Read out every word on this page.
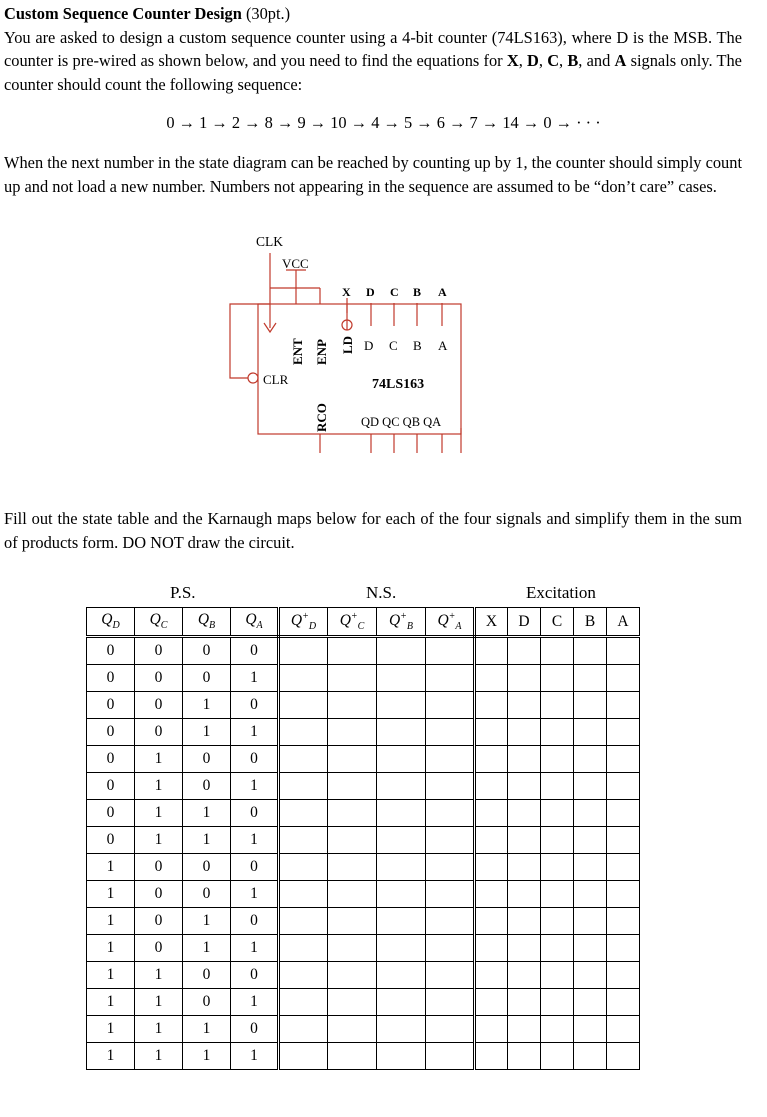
Custom Sequence Counter Design (30pt.)
You are asked to design a custom sequence counter using a 4-bit counter (74LS163), where D is the MSB. The counter is pre-wired as shown below, and you need to find the equations for X, D, C, B, and A signals only. The counter should count the following sequence:
0 → 1 → 2 → 8 → 9 → 10 → 4 → 5 → 6 → 7 → 14 → 0 → · · ·
When the next number in the state diagram can be reached by counting up by 1, the counter should simply count up and not load a new number. Numbers not appearing in the sequence are assumed to be “don’t care” cases.
CLK
VCC
X D C B A
D C B A
ENT ENP LD
CLR	74LS163
RCO	QD QC QB QA
Fill out the state table and the Karnaugh maps below for each of the four signals and simplify them in the sum of products form. DO NOT draw the circuit.
P.S.	N.S.	Excitation
$Q_D$	$Q_C$	$Q_B$	$Q_A$	$Q^+_D$	$Q^+_C$	$Q^+_B$	$Q^+_A$	X	D	C	B	A
0	0	0	0									
0	0	0	1									
0	0	1	0									
0	0	1	1									
0	1	0	0									
0	1	0	1									
0	1	1	0									
0	1	1	1									
1	0	0	0									
1	0	0	1									
1	0	1	0									
1	0	1	1									
1	1	0	0									
1	1	0	1									
1	1	1	0									
1	1	1	1									
